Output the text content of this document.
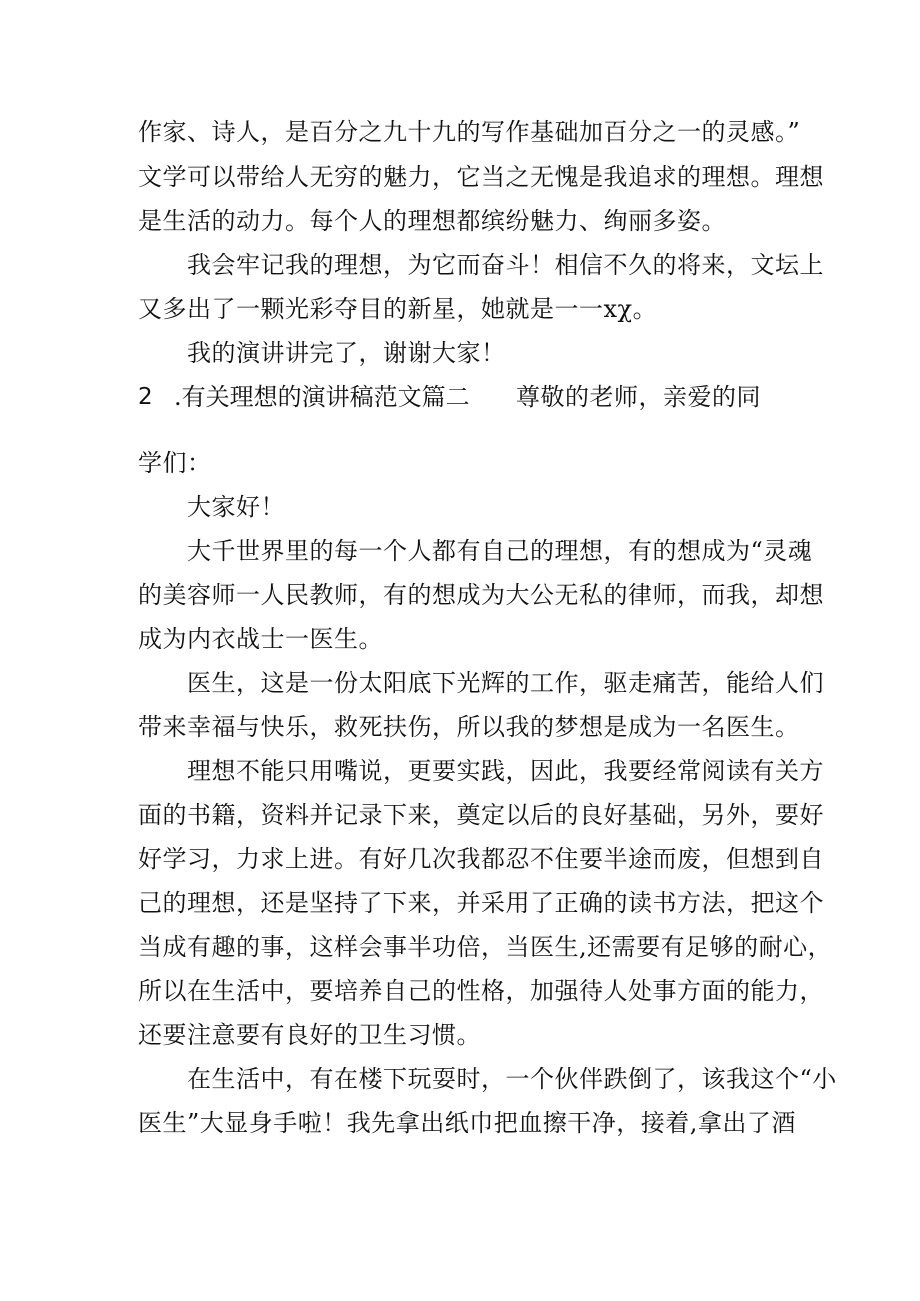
作家、诗人，是百分之九十九的写作基础加百分之一的灵感。”
文学可以带给人无穷的魅力，它当之无愧是我追求的理想。理想
是生活的动力。每个人的理想都缤纷魅力、绚丽多姿。
我会牢记我的理想，为它而奋斗！相信不久的将来，文坛上
又多出了一颗光彩夺目的新星，她就是一一xχ。
我的演讲讲完了，谢谢大家！
2 .有关理想的演讲稿范文篇二 尊敬的老师，亲爱的同
学们：
大家好！
大千世界里的每一个人都有自己的理想，有的想成为“灵魂
的美容师一人民教师，有的想成为大公无私的律师，而我，却想
成为内衣战士一医生。
医生，这是一份太阳底下光辉的工作，驱走痛苦，能给人们
带来幸福与快乐，救死扶伤，所以我的梦想是成为一名医生。
理想不能只用嘴说，更要实践，因此，我要经常阅读有关方
面的书籍，资料并记录下来，奠定以后的良好基础，另外，要好
好学习，力求上进。有好几次我都忍不住要半途而废，但想到自
己的理想，还是坚持了下来，并采用了正确的读书方法，把这个
当成有趣的事，这样会事半功倍，当医生,还需要有足够的耐心，
所以在生活中，要培养自己的性格，加强待人处事方面的能力，
还要注意要有良好的卫生习惯。
在生活中，有在楼下玩耍时，一个伙伴跌倒了，该我这个“小
医生”大显身手啦！我先拿出纸巾把血擦干净，接着,拿出了酒
